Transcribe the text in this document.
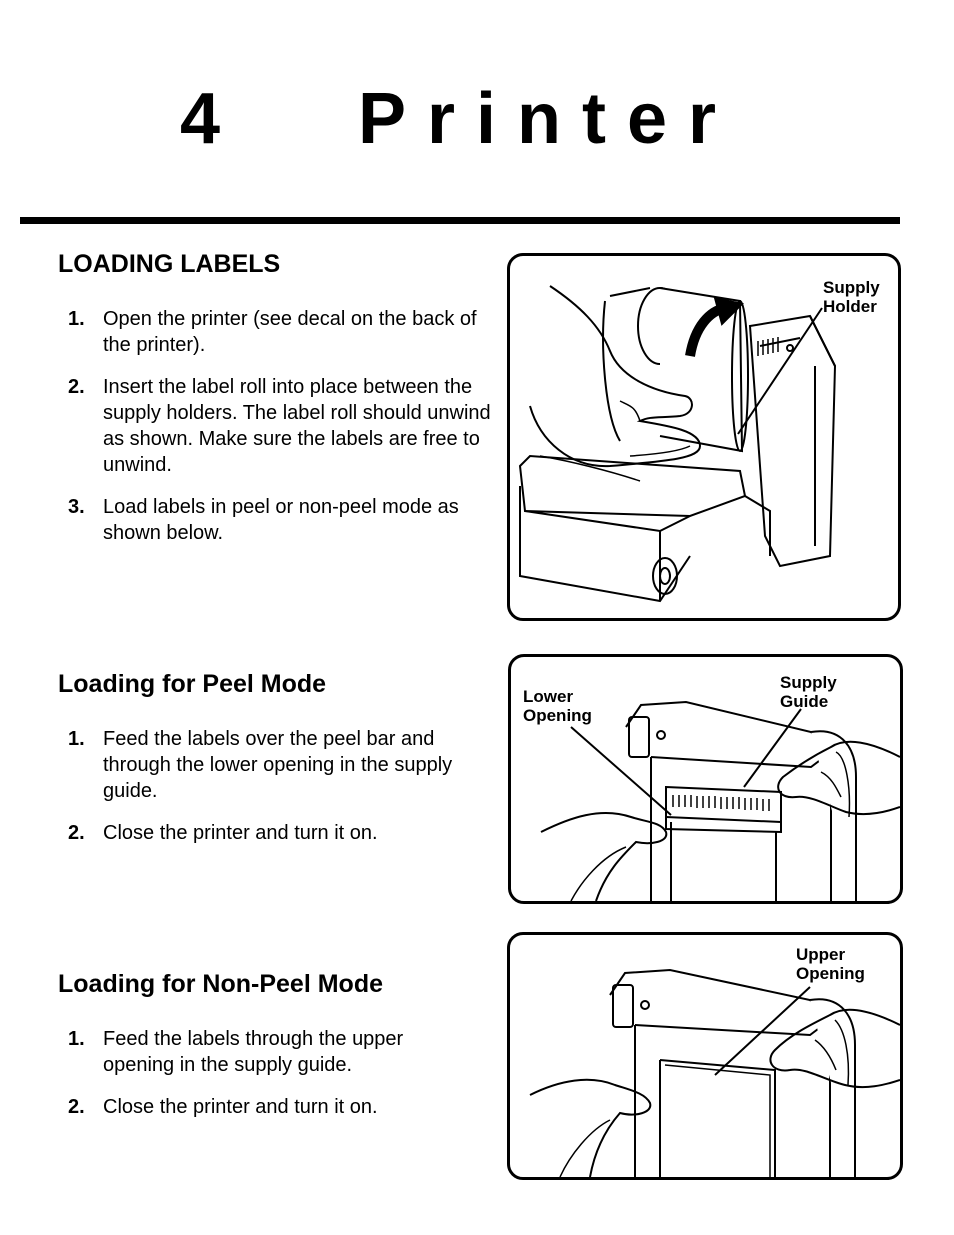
4 Printer
LOADING LABELS
1. Open the printer (see decal on the back of the printer).
2. Insert the label roll into place between the supply holders. The label roll should unwind as shown. Make sure the labels are free to unwind.
3. Load labels in peel or non-peel mode as shown below.
Loading for Peel Mode
1. Feed the labels over the peel bar and through the lower opening in the supply guide.
2. Close the printer and turn it on.
Loading for Non-Peel Mode
1. Feed the labels through the upper opening in the supply guide.
2. Close the printer and turn it on.
Supply
Holder
Lower
Opening
Supply
Guide
Upper
Opening
